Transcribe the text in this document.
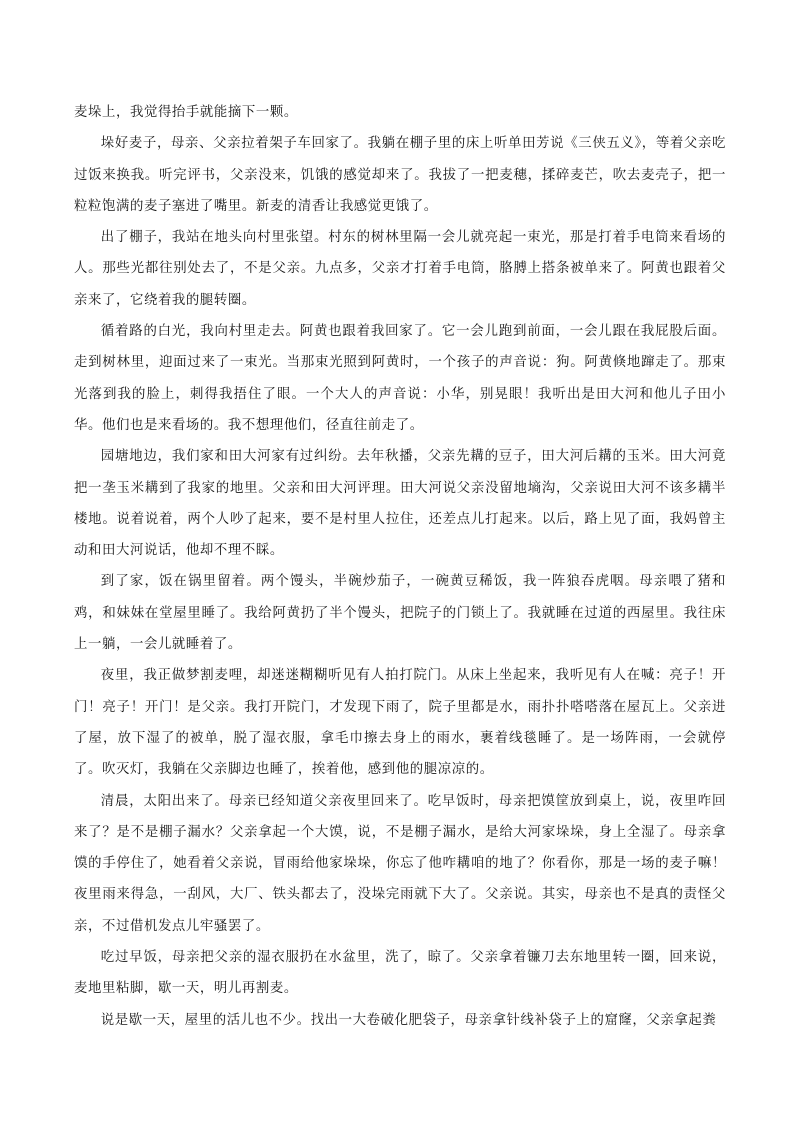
麦垛上，我觉得抬手就能摘下一颗。

垛好麦子，母亲、父亲拉着架子车回家了。我躺在棚子里的床上听单田芳说《三侠五义》，等着父亲吃过饭来换我。听完评书，父亲没来，饥饿的感觉却来了。我拔了一把麦穗，揉碎麦芒，吹去麦壳子，把一粒粒饱满的麦子塞进了嘴里。新麦的清香让我感觉更饿了。

出了棚子，我站在地头向村里张望。村东的树林里隔一会儿就亮起一束光，那是打着手电筒来看场的人。那些光都往别处去了，不是父亲。九点多，父亲才打着手电筒，胳膊上搭条被单来了。阿黄也跟着父亲来了，它绕着我的腿转圈。

循着路的白光，我向村里走去。阿黄也跟着我回家了。它一会儿跑到前面，一会儿跟在我屁股后面。走到树林里，迎面过来了一束光。当那束光照到阿黄时，一个孩子的声音说：狗。阿黄倏地蹿走了。那束光落到我的脸上，刺得我捂住了眼。一个大人的声音说：小华，别晃眼！我听出是田大河和他儿子田小华。他们也是来看场的。我不想理他们，径直往前走了。

园塘地边，我们家和田大河家有过纠纷。去年秋播，父亲先耩的豆子，田大河后耩的玉米。田大河竟把一垄玉米耩到了我家的地里。父亲和田大河评理。田大河说父亲没留地墒沟，父亲说田大河不该多耩半楼地。说着说着，两个人吵了起来，要不是村里人拉住，还差点儿打起来。以后，路上见了面，我妈曾主动和田大河说话，他却不理不睬。

到了家，饭在锅里留着。两个馒头，半碗炒茄子，一碗黄豆稀饭，我一阵狼吞虎咽。母亲喂了猪和鸡，和妹妹在堂屋里睡了。我给阿黄扔了半个馒头，把院子的门锁上了。我就睡在过道的西屋里。我往床上一躺，一会儿就睡着了。

夜里，我正做梦割麦哩，却迷迷糊糊听见有人拍打院门。从床上坐起来，我听见有人在喊：亮子！开门！亮子！开门！是父亲。我打开院门，才发现下雨了，院子里都是水，雨扑扑嗒嗒落在屋瓦上。父亲进了屋，放下湿了的被单，脱了湿衣服，拿毛巾擦去身上的雨水，裹着线毯睡了。是一场阵雨，一会就停了。吹灭灯，我躺在父亲脚边也睡了，挨着他，感到他的腿凉凉的。

清晨，太阳出来了。母亲已经知道父亲夜里回来了。吃早饭时，母亲把馍筐放到桌上，说，夜里咋回来了？是不是棚子漏水？父亲拿起一个大馍，说，不是棚子漏水，是给大河家垛垛，身上全湿了。母亲拿馍的手停住了，她看着父亲说，冒雨给他家垛垛，你忘了他咋耩咱的地了？你看你，那是一场的麦子嘛！夜里雨来得急，一刮风，大厂、铁头都去了，没垛完雨就下大了。父亲说。其实，母亲也不是真的责怪父亲，不过借机发点儿牢骚罢了。

吃过早饭，母亲把父亲的湿衣服扔在水盆里，洗了，晾了。父亲拿着镰刀去东地里转一圈，回来说，麦地里粘脚，歇一天，明儿再割麦。

说是歇一天，屋里的活儿也不少。找出一大卷破化肥袋子，母亲拿针线补袋子上的窟窿，父亲拿起粪
